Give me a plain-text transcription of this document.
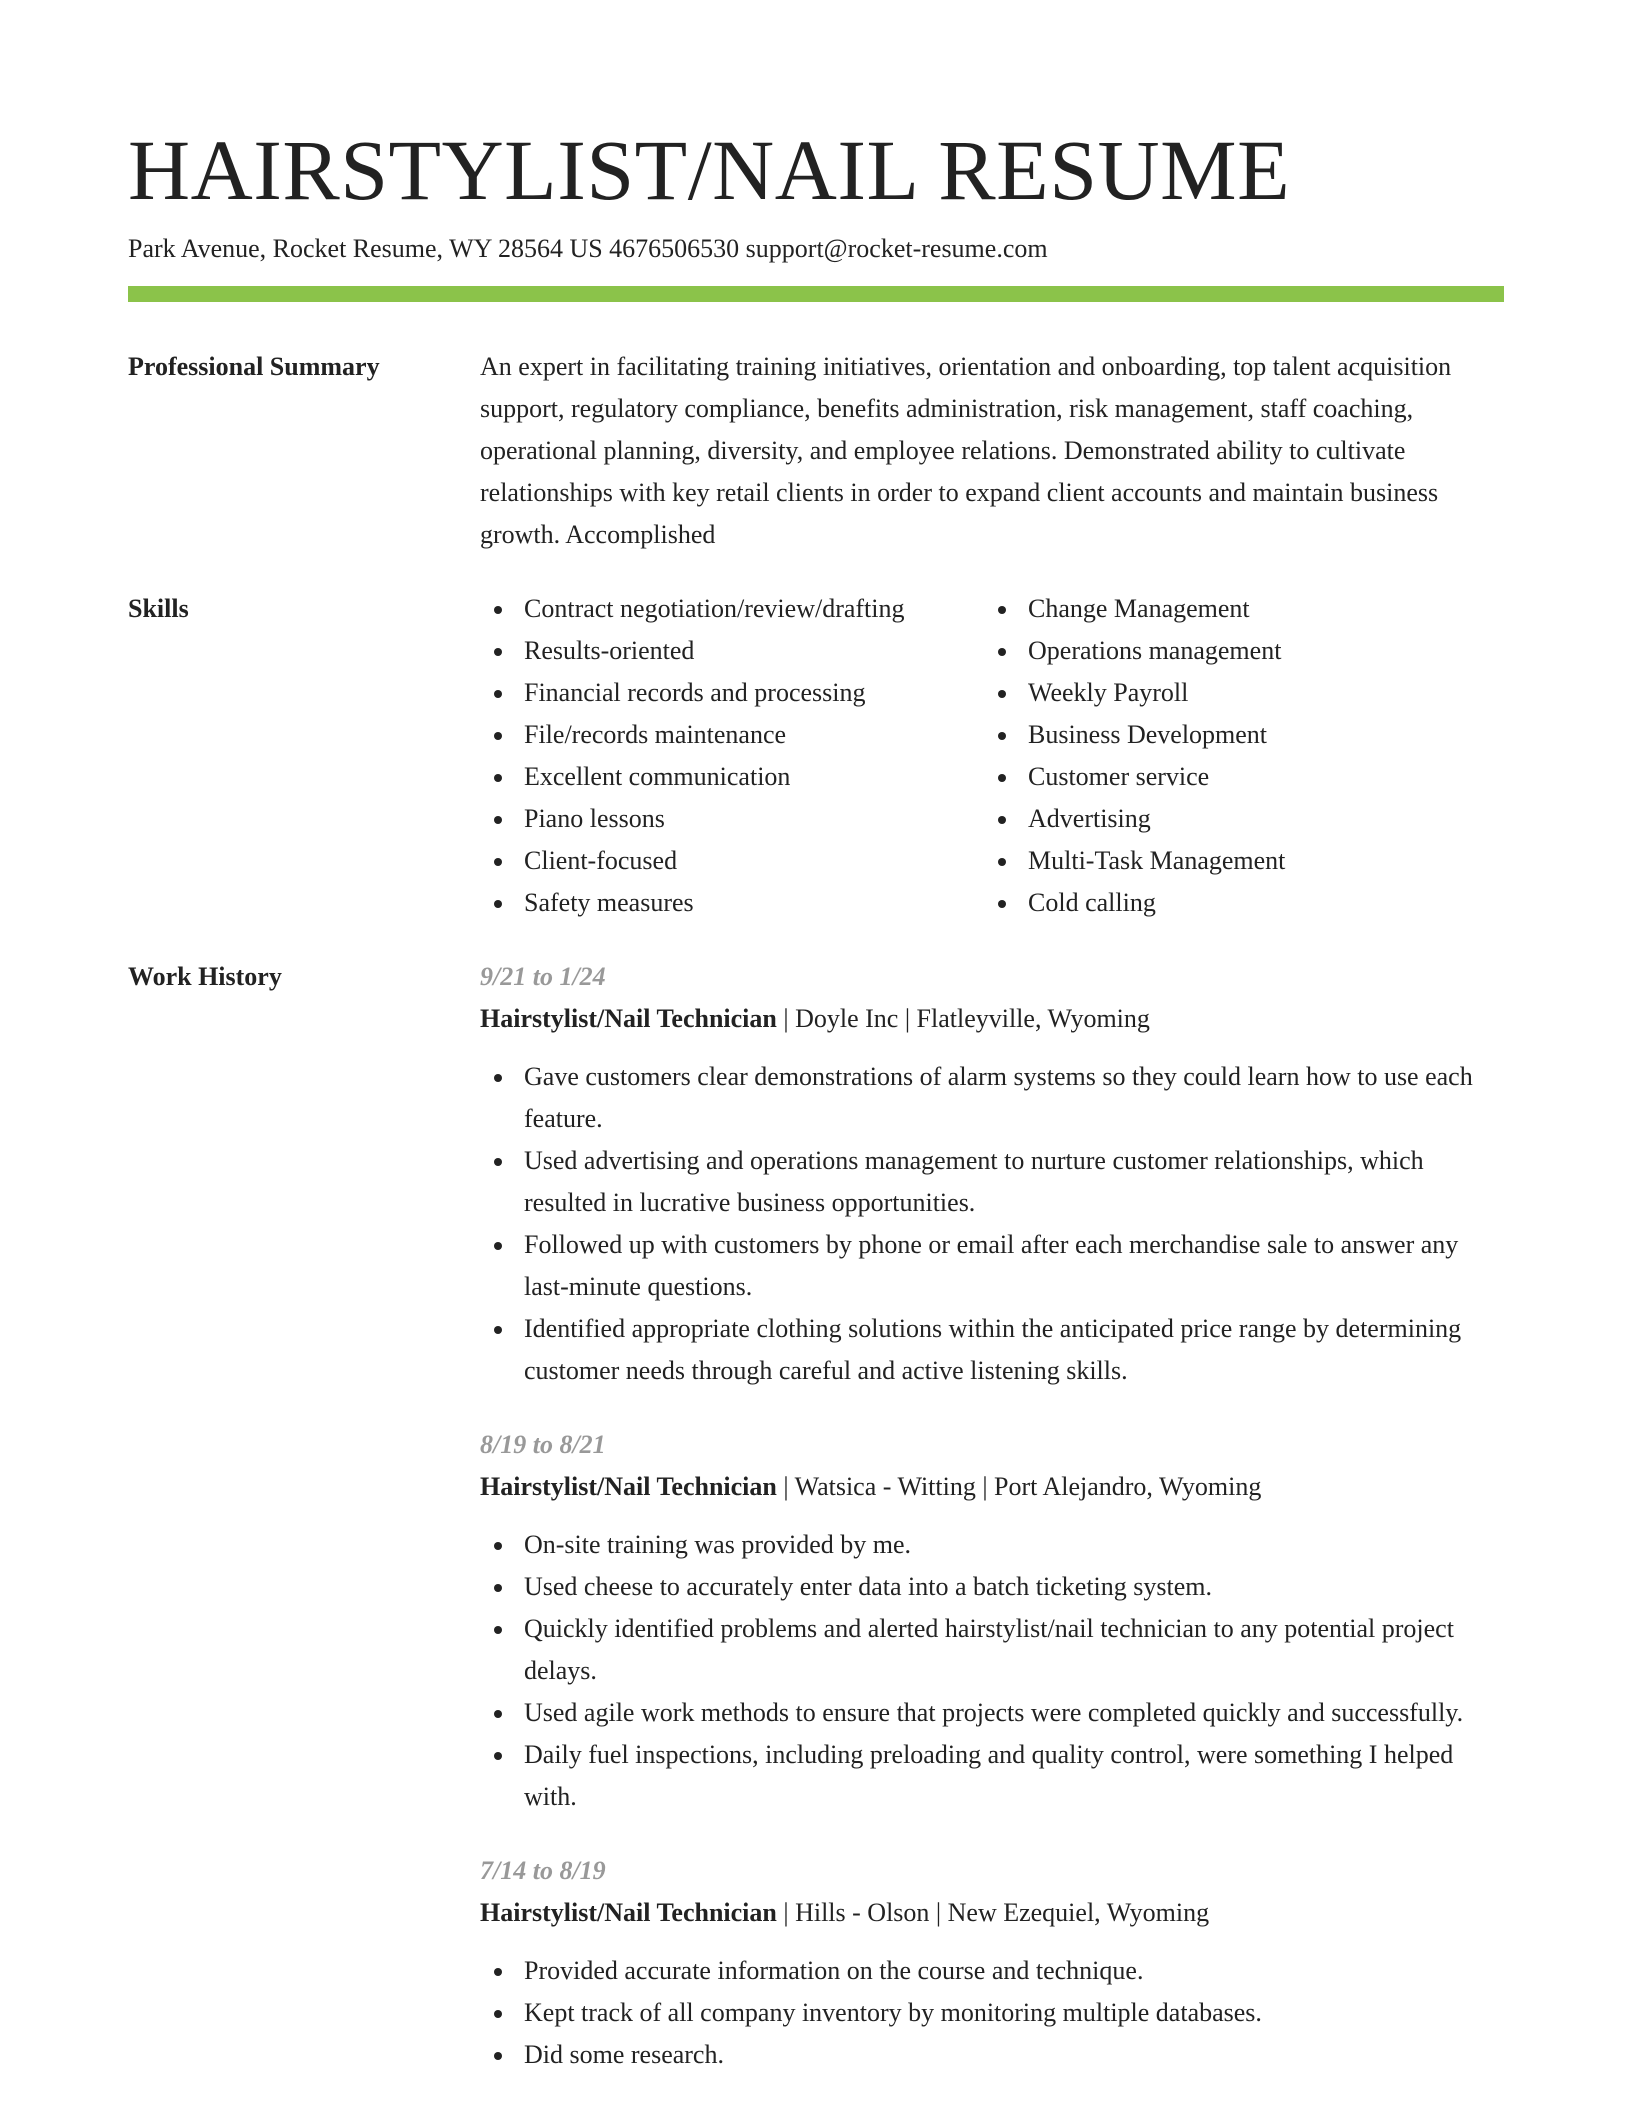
HAIRSTYLIST/NAIL RESUME
Park Avenue, Rocket Resume, WY 28564 US 4676506530 support@rocket-resume.com
Professional Summary	An expert in facilitating training initiatives, orientation and onboarding, top talent acquisition support, regulatory compliance, benefits administration, risk management, staff coaching, operational planning, diversity, and employee relations. Demonstrated ability to cultivate relationships with key retail clients in order to expand client accounts and maintain business growth. Accomplished
Skills	Contract negotiation/review/drafting
Results-oriented
Financial records and processing
File/records maintenance
Excellent communication
Piano lessons
Client-focused
Safety measures
Change Management
Operations management
Weekly Payroll
Business Development
Customer service
Advertising
Multi-Task Management
Cold calling
Work History	9/21 to 1/24
Hairstylist/Nail Technician | Doyle Inc | Flatleyville, Wyoming
Gave customers clear demonstrations of alarm systems so they could learn how to use each feature.
Used advertising and operations management to nurture customer relationships, which resulted in lucrative business opportunities.
Followed up with customers by phone or email after each merchandise sale to answer any last-minute questions.
Identified appropriate clothing solutions within the anticipated price range by determining customer needs through careful and active listening skills.
8/19 to 8/21
Hairstylist/Nail Technician | Watsica - Witting | Port Alejandro, Wyoming
On-site training was provided by me.
Used cheese to accurately enter data into a batch ticketing system.
Quickly identified problems and alerted hairstylist/nail technician to any potential project delays.
Used agile work methods to ensure that projects were completed quickly and successfully.
Daily fuel inspections, including preloading and quality control, were something I helped with.
7/14 to 8/19
Hairstylist/Nail Technician | Hills - Olson | New Ezequiel, Wyoming
Provided accurate information on the course and technique.
Kept track of all company inventory by monitoring multiple databases.
Did some research.
